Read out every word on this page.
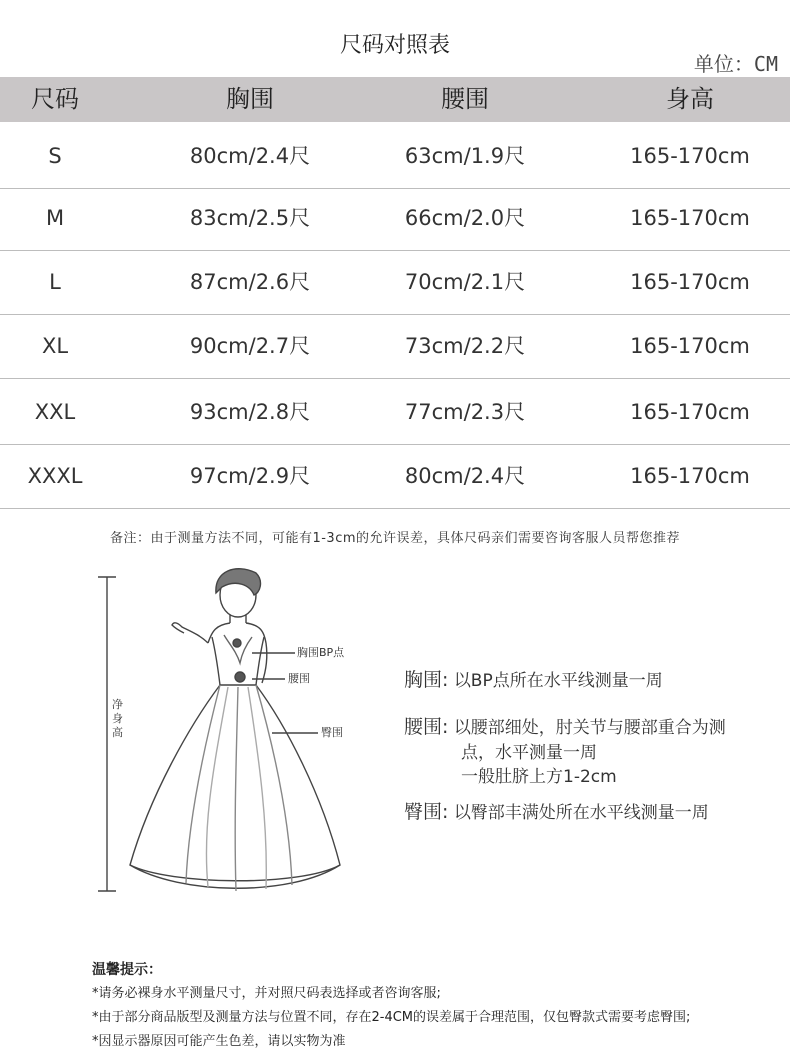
尺码对照表
单位：CM
尺码	胸围	腰围	身高
S	80cm/2.4尺	63cm/1.9尺	165-170cm
M	83cm/2.5尺	66cm/2.0尺	165-170cm
L	87cm/2.6尺	70cm/2.1尺	165-170cm
XL	90cm/2.7尺	73cm/2.2尺	165-170cm
XXL	93cm/2.8尺	77cm/2.3尺	165-170cm
XXXL	97cm/2.9尺	80cm/2.4尺	165-170cm
备注：由于测量方法不同，可能有1-3cm的允许误差，具体尺码亲们需要咨询客服人员帮您推荐
胸围BP点
腰围
臀围
净
身
高
胸围: 以BP点所在水平线测量一周
腰围: 以腰部细处，肘关节与腰部重合为测
点，水平测量一周
一般肚脐上方1-2cm
臀围: 以臀部丰满处所在水平线测量一周
温馨提示：
*请务必裸身水平测量尺寸，并对照尺码表选择或者咨询客服;
*由于部分商品版型及测量方法与位置不同，存在2-4CM的误差属于合理范围，仅包臀款式需要考虑臀围;
*因显示器原因可能产生色差，请以实物为准
